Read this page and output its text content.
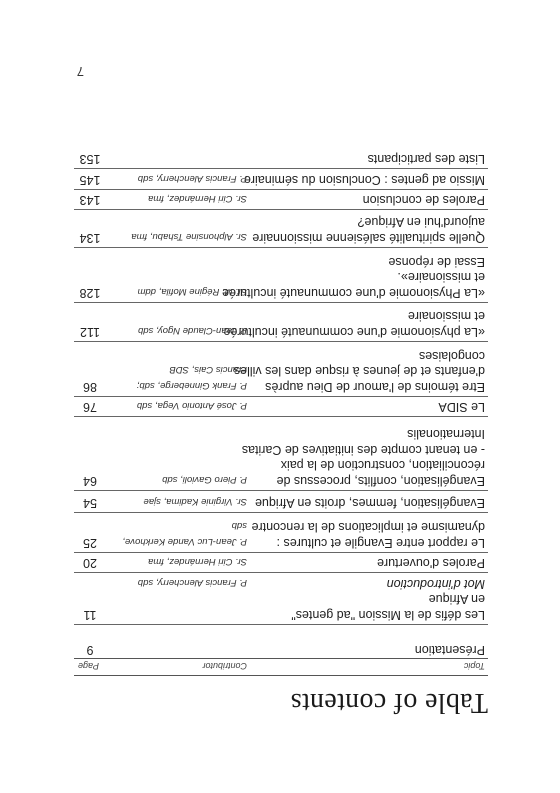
Table of contents
Topic
Contributor
Page
Présentation
9
Les défis de la Mission "ad gentes"
en Afrique
Mot d'introduction

P. Francis Alencherry, sdb
11
Paroles d'ouverture
Sr. Ciri Hernández, fma
20
Le rapport entre Evangile et cultures :
dynamisme et implications de la rencontre
P. Jean-Luc Vande Kerkhove,
sdb
25
Evangélisation, femmes, droits en Afrique
Sr. Virginie Kadima, sjae
54
Evangélisation, conflits, processus de
réconciliation, construction de la paix
- en tenant compte des initiatives de Caritas
Internationalis
P. Piero Gavioli, sdb
64
Le SIDA
P. José Antonio Vega, sdb
76
Etre témoins de l'amour de Dieu auprès
d'enfants et de jeunes à risque dans les villes
congolaises
P. Frank Ginneberge, sdb;
Francis Cais, SDB
86
«La physionomie d'une communauté inculturée
et missionaire
P. Jean-Claude Ngoy, sdb
112
«La Physionomie d'une communauté inculturée
et missionaire».
Essai de réponse
Sr. M. Régine Mofila, ddm
128
Quelle spiritualité salésienne missionnaire
aujourd'hui en Afrique?
Sr. Alphonsine Tshabu, fma
134
Paroles de conclusion
Sr. Ciri Hernández, fma
143
Missio ad gentes : Conclusion du séminaire
P. Francis Alencherry, sdb
145
Liste des participants
153
7
